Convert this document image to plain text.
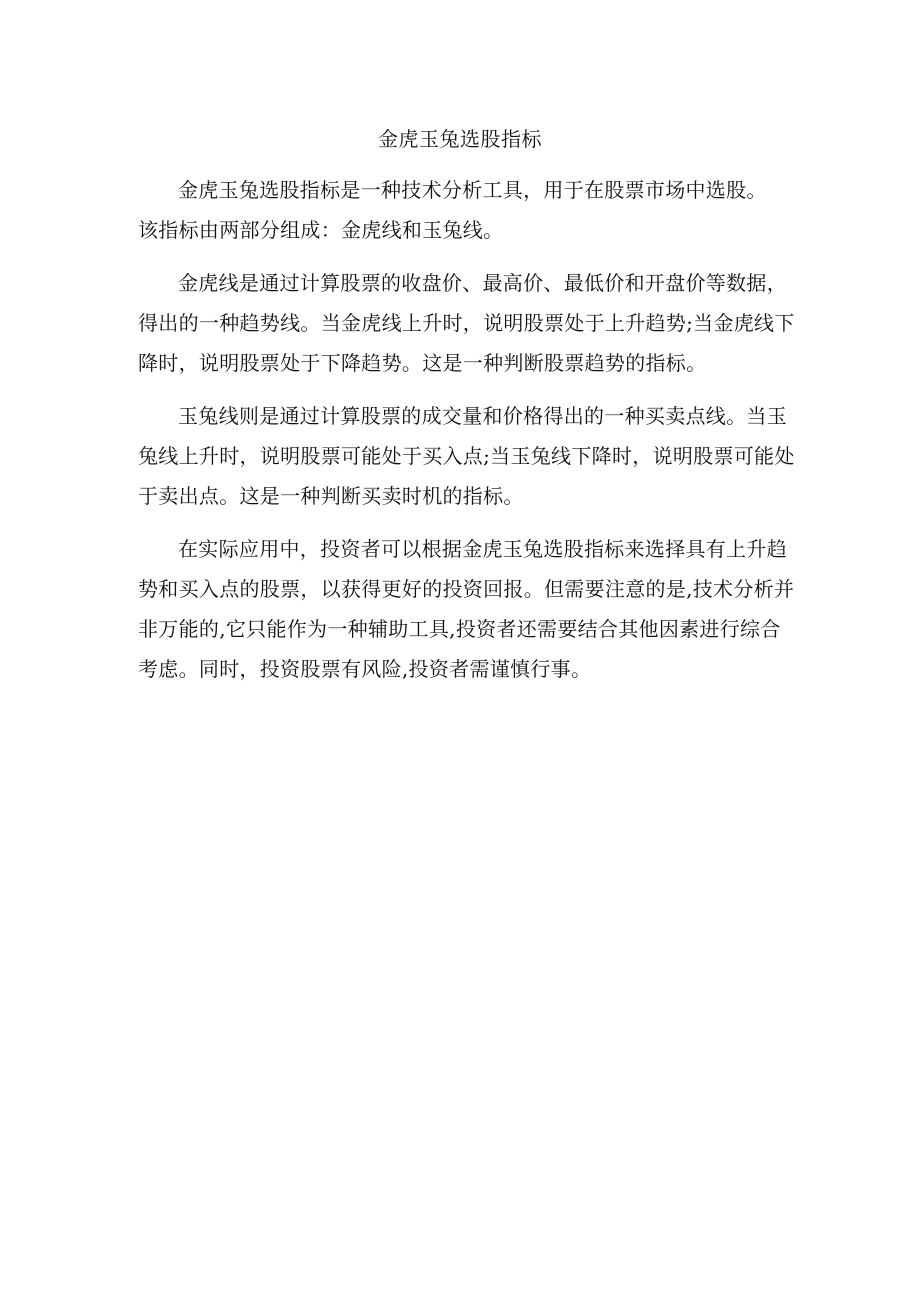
金虎玉兔选股指标

金虎玉兔选股指标是一种技术分析工具，用于在股票市场中选股。
该指标由两部分组成：金虎线和玉兔线。

金虎线是通过计算股票的收盘价、最高价、最低价和开盘价等数据，
得出的一种趋势线。当金虎线上升时，说明股票处于上升趋势;当金虎线下
降时，说明股票处于下降趋势。这是一种判断股票趋势的指标。

玉兔线则是通过计算股票的成交量和价格得出的一种买卖点线。当玉
兔线上升时，说明股票可能处于买入点;当玉兔线下降时，说明股票可能处
于卖出点。这是一种判断买卖时机的指标。

在实际应用中，投资者可以根据金虎玉兔选股指标来选择具有上升趋
势和买入点的股票，以获得更好的投资回报。但需要注意的是,技术分析并
非万能的,它只能作为一种辅助工具,投资者还需要结合其他因素进行综合
考虑。同时，投资股票有风险,投资者需谨慎行事。
